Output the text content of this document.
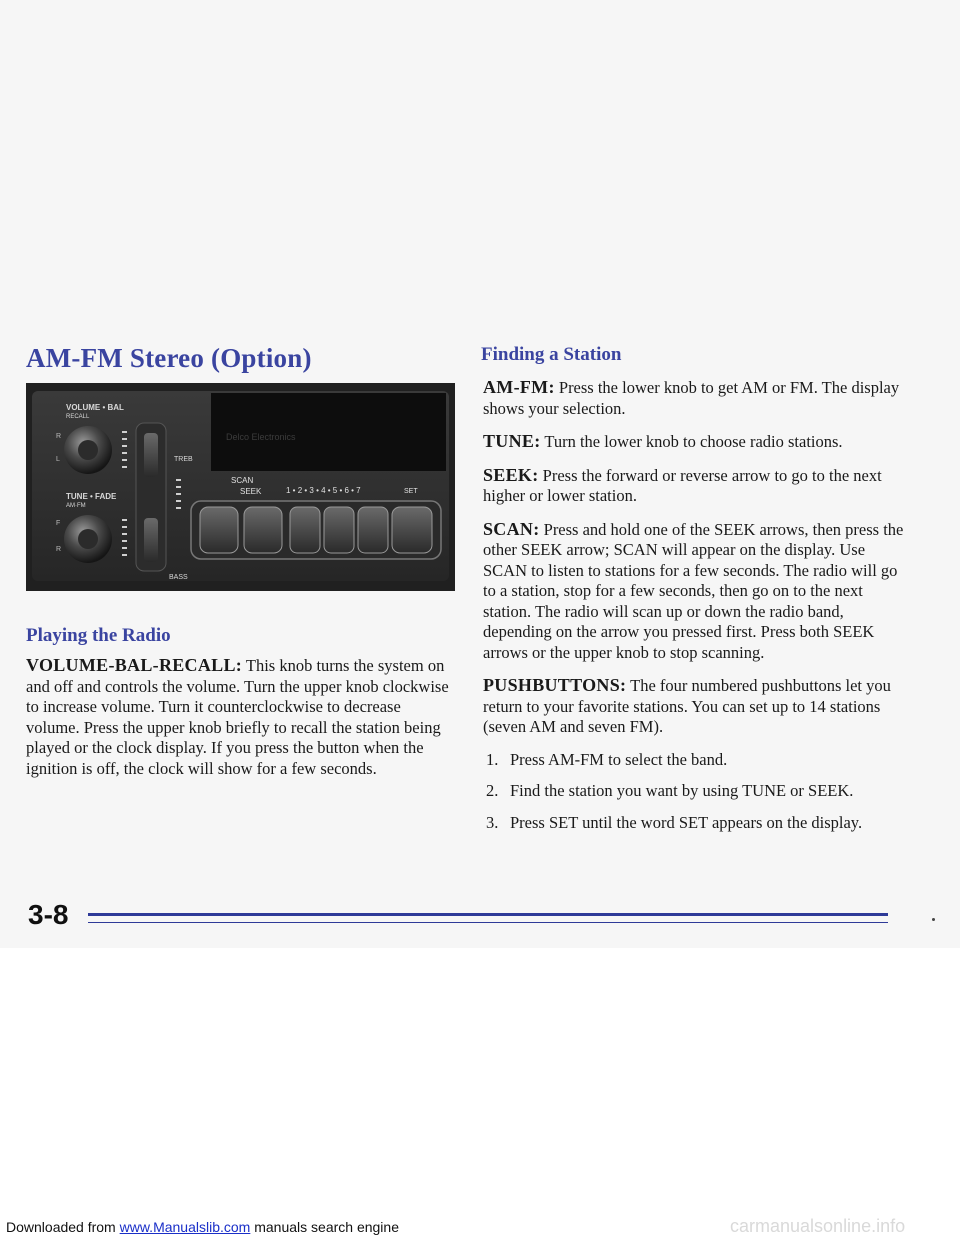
AM-FM Stereo (Option)
Delco Electronics
VOLUME • BAL
RECALL
TUNE • FADE
AM·FM
R
L
F
R
TREB
BASS
SCAN
SEEK	1 • 2 • 3 • 4 • 5 • 6 • 7	SET
Playing the Radio

VOLUME-BAL-RECALL: This knob turns the system on and off and controls the volume. Turn the upper knob clockwise to increase volume. Turn it counterclockwise to decrease volume. Press the upper knob briefly to recall the station being played or the clock display. If you press the button when the ignition is off, the clock will show for a few seconds.

Finding a Station

AM-FM: Press the lower knob to get AM or FM. The display shows your selection.

TUNE: Turn the lower knob to choose radio stations.

SEEK: Press the forward or reverse arrow to go to the next higher or lower station.

SCAN: Press and hold one of the SEEK arrows, then press the other SEEK arrow; SCAN will appear on the display. Use SCAN to listen to stations for a few seconds. The radio will go to a station, stop for a few seconds, then go on to the next station. The radio will scan up or down the radio band, depending on the arrow you pressed first. Press both SEEK arrows or the upper knob to stop scanning.

PUSHBUTTONS: The four numbered pushbuttons let you return to your favorite stations. You can set up to 14 stations (seven AM and seven FM).

1. Press AM-FM to select the band.
2. Find the station you want by using TUNE or SEEK.
3. Press SET until the word SET appears on the display.

3-8

Downloaded from www.Manualslib.com manuals search engine	carmanualsonline.info
